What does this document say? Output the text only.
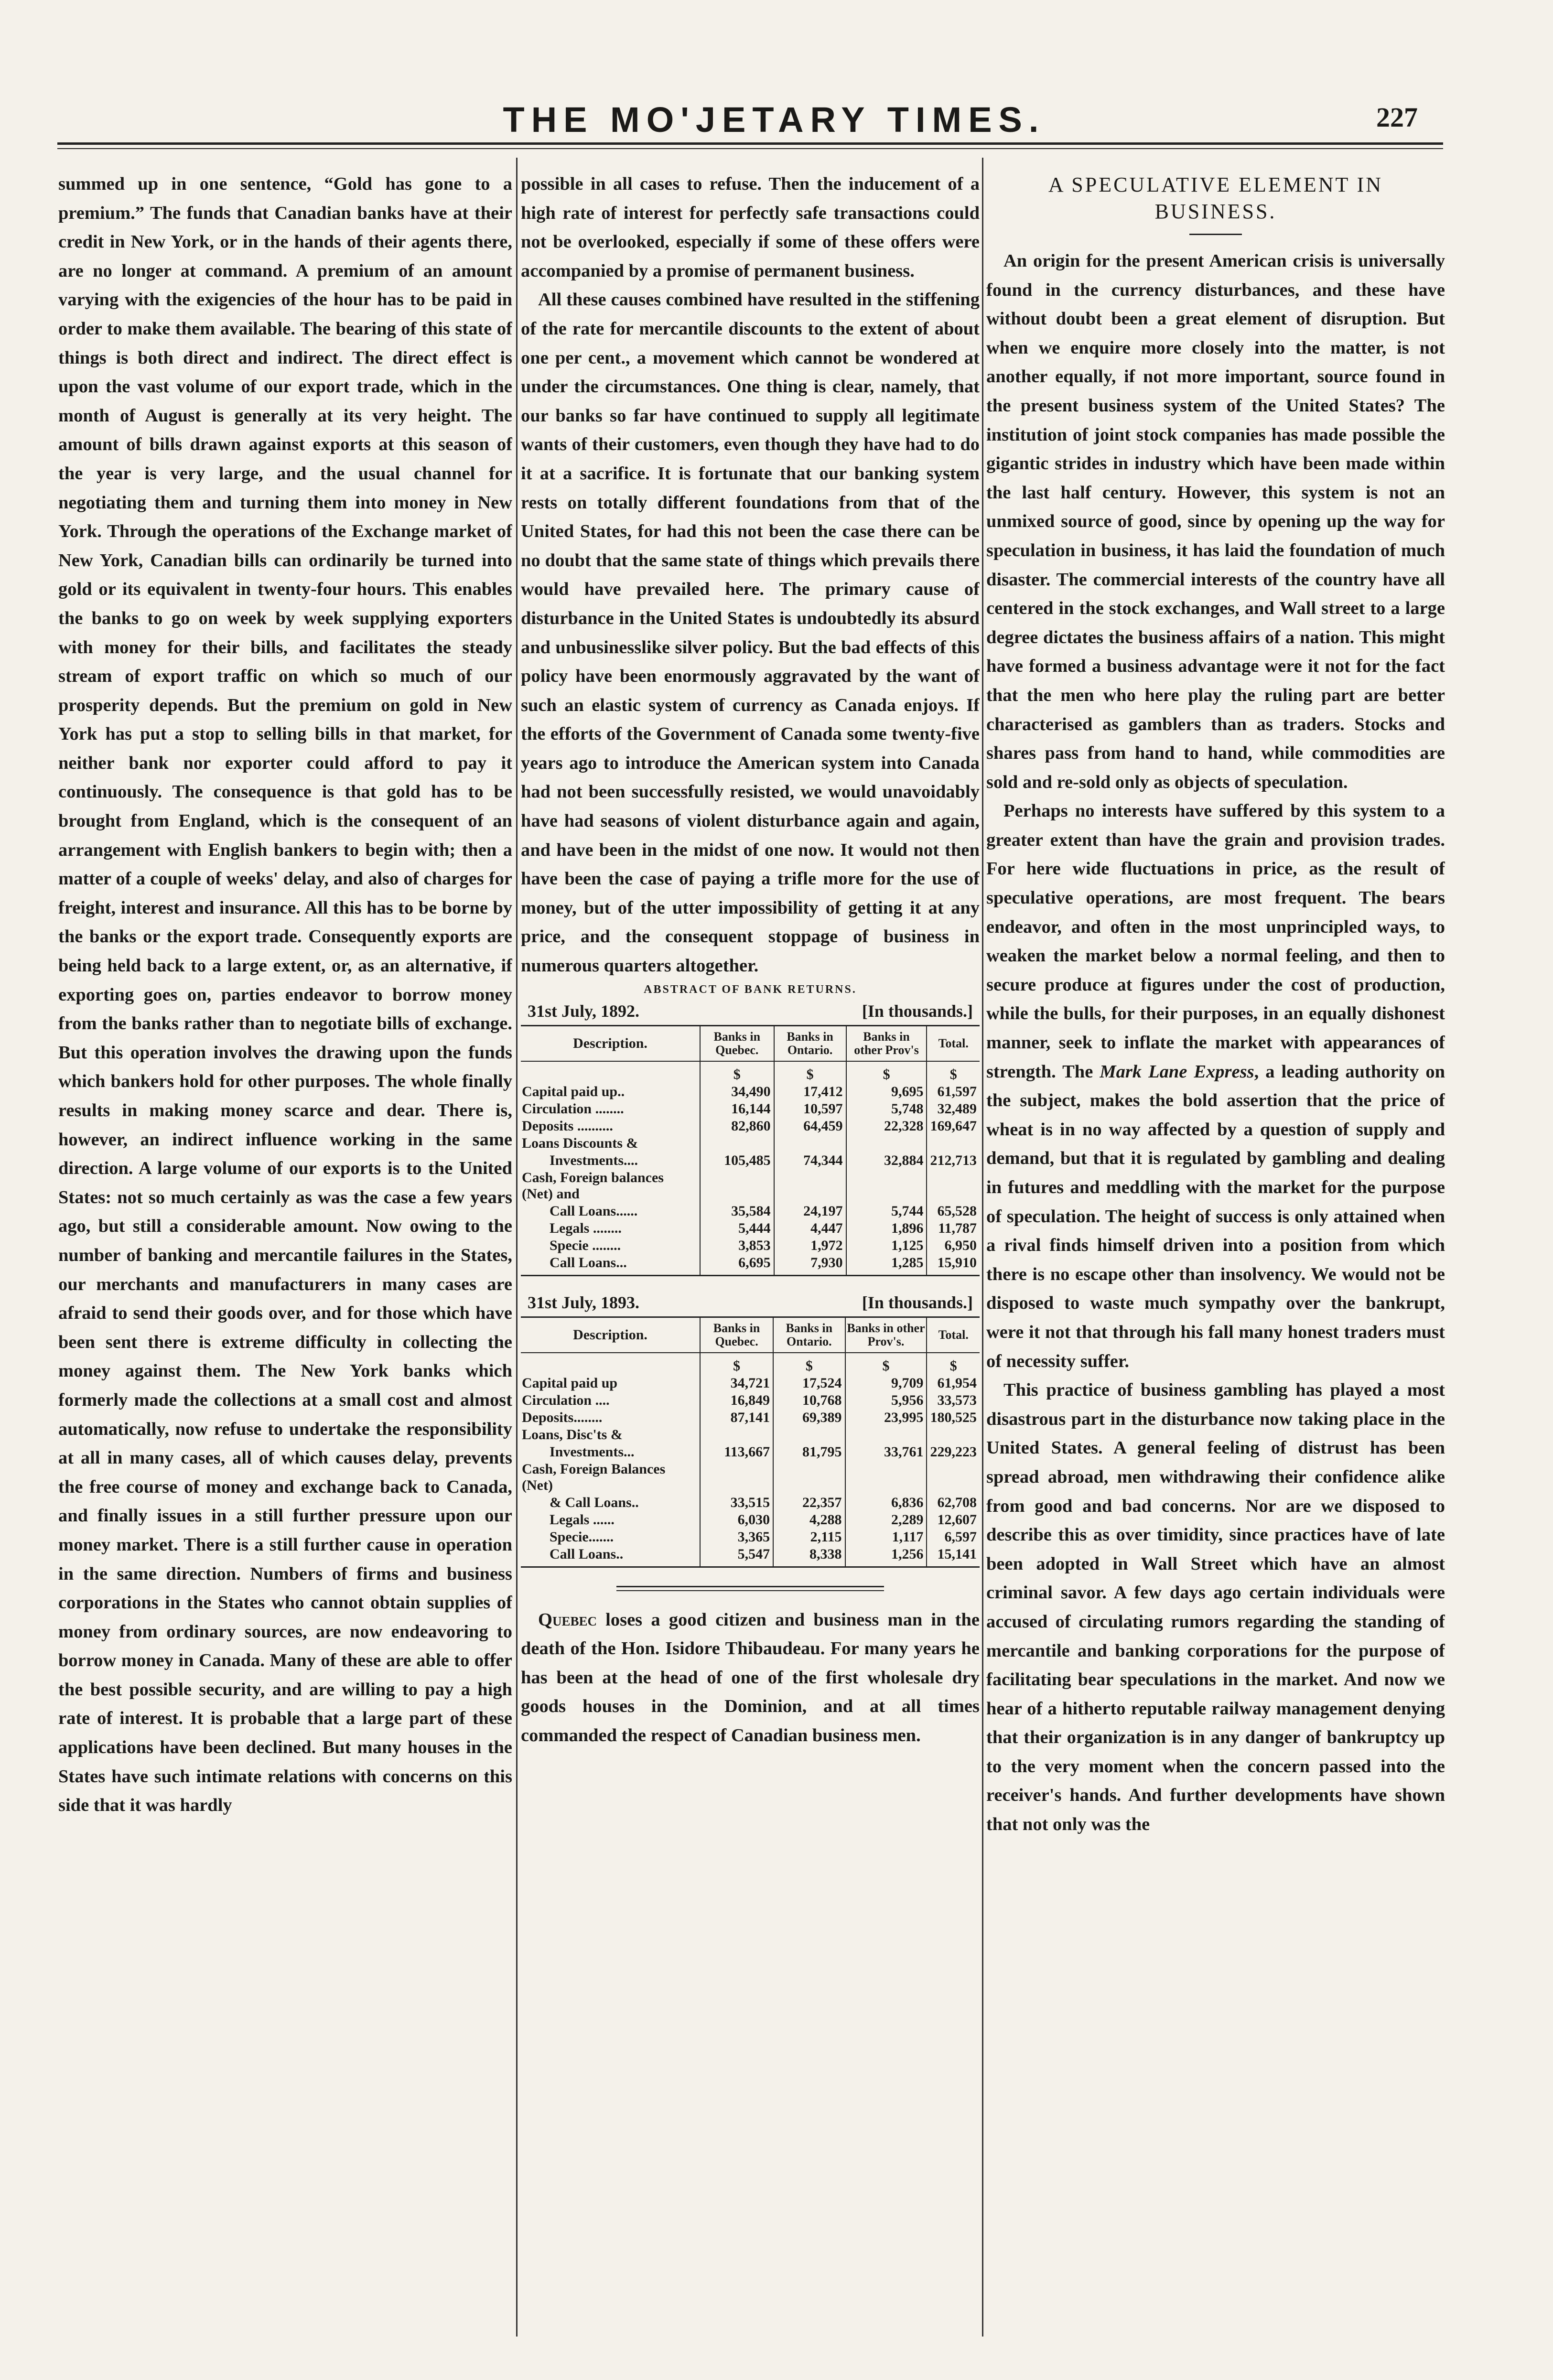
THE MO'JETARY TIMES.	227

summed up in one sentence, “Gold has gone to a premium.” The funds that Canadian banks have at their credit in New York, or in the hands of their agents there, are no longer at command. A premium of an amount varying with the exigencies of the hour has to be paid in order to make them available. The bearing of this state of things is both direct and indirect. The direct effect is upon the vast volume of our export trade, which in the month of August is generally at its very height. The amount of bills drawn against exports at this season of the year is very large, and the usual channel for negotiating them and turning them into money in New York. Through the operations of the Exchange market of New York, Canadian bills can ordinarily be turned into gold or its equivalent in twenty-four hours. This enables the banks to go on week by week supplying exporters with money for their bills, and facilitates the steady stream of export traffic on which so much of our prosperity depends. But the premium on gold in New York has put a stop to selling bills in that market, for neither bank nor exporter could afford to pay it continuously. The consequence is that gold has to be brought from England, which is the consequent of an arrangement with English bankers to begin with; then a matter of a couple of weeks' delay, and also of charges for freight, interest and insurance. All this has to be borne by the banks or the export trade. Consequently exports are being held back to a large extent, or, as an alternative, if exporting goes on, parties endeavor to borrow money from the banks rather than to negotiate bills of exchange. But this operation involves the drawing upon the funds which bankers hold for other purposes. The whole finally results in making money scarce and dear. There is, however, an indirect influence working in the same direction. A large volume of our exports is to the United States: not so much certainly as was the case a few years ago, but still a considerable amount. Now owing to the number of banking and mercantile failures in the States, our merchants and manufacturers in many cases are afraid to send their goods over, and for those which have been sent there is extreme difficulty in collecting the money against them. The New York banks which formerly made the collections at a small cost and almost automatically, now refuse to undertake the responsibility at all in many cases, all of which causes delay, prevents the free course of money and exchange back to Canada, and finally issues in a still further pressure upon our money market. There is a still further cause in operation in the same direction. Numbers of firms and business corporations in the States who cannot obtain supplies of money from ordinary sources, are now endeavoring to borrow money in Canada. Many of these are able to offer the best possible security, and are willing to pay a high rate of interest. It is probable that a large part of these applications have been declined. But many houses in the States have such intimate relations with concerns on this side that it was hardly

possible in all cases to refuse. Then the inducement of a high rate of interest for perfectly safe transactions could not be overlooked, especially if some of these offers were accompanied by a promise of permanent business.

All these causes combined have resulted in the stiffening of the rate for mercantile discounts to the extent of about one per cent., a movement which cannot be wondered at under the circumstances. One thing is clear, namely, that our banks so far have continued to supply all legitimate wants of their customers, even though they have had to do it at a sacrifice. It is fortunate that our banking system rests on totally different foundations from that of the United States, for had this not been the case there can be no doubt that the same state of things which prevails there would have prevailed here. The primary cause of disturbance in the United States is undoubtedly its absurd and unbusinesslike silver policy. But the bad effects of this policy have been enormously aggravated by the want of such an elastic system of currency as Canada enjoys. If the efforts of the Government of Canada some twenty-five years ago to introduce the American system into Canada had not been successfully resisted, we would unavoidably have had seasons of violent disturbance again and again, and have been in the midst of one now. It would not then have been the case of paying a trifle more for the use of money, but of the utter impossibility of getting it at any price, and the consequent stoppage of business in numerous quarters altogether.

ABSTRACT OF BANK RETURNS.
31st July, 1892.	[In thousands.]
Description.	Banks in Quebec.	Banks in Ontario.	Banks in other Prov's	Total.
	$	$	$	$
Capital paid up..	34,490	17,412	9,695	61,597
Circulation ........	16,144	10,597	5,748	32,489
Deposits ..........	82,860	64,459	22,328	169,647
Loans Discounts &				
Investments....	105,485	74,344	32,884	212,713
Cash, Foreign balances (Net) and				
Call Loans......	35,584	24,197	5,744	65,528
Legals ........	5,444	4,447	1,896	11,787
Specie ........	3,853	1,972	1,125	6,950
Call Loans...	6,695	7,930	1,285	15,910
31st July, 1893.	[In thousands.]
Description.	Banks in Quebec.	Banks in Ontario.	Banks in other Prov's.	Total.
	$	$	$	$
Capital paid up	34,721	17,524	9,709	61,954
Circulation ....	16,849	10,768	5,956	33,573
Deposits........	87,141	69,389	23,995	180,525
Loans, Disc'ts &				
Investments...	113,667	81,795	33,761	229,223
Cash, Foreign Balances (Net)				
& Call Loans..	33,515	22,357	6,836	62,708
Legals ......	6,030	4,288	2,289	12,607
Specie.......	3,365	2,115	1,117	6,597
Call Loans..	5,547	8,338	1,256	15,141

Quebec loses a good citizen and business man in the death of the Hon. Isidore Thibaudeau. For many years he has been at the head of one of the first wholesale dry goods houses in the Dominion, and at all times commanded the respect of Canadian business men.

A SPECULATIVE ELEMENT IN BUSINESS.

An origin for the present American crisis is universally found in the currency disturbances, and these have without doubt been a great element of disruption. But when we enquire more closely into the matter, is not another equally, if not more important, source found in the present business system of the United States? The institution of joint stock companies has made possible the gigantic strides in industry which have been made within the last half century. However, this system is not an unmixed source of good, since by opening up the way for speculation in business, it has laid the foundation of much disaster. The commercial interests of the country have all centered in the stock exchanges, and Wall street to a large degree dictates the business affairs of a nation. This might have formed a business advantage were it not for the fact that the men who here play the ruling part are better characterised as gamblers than as traders. Stocks and shares pass from hand to hand, while commodities are sold and re-sold only as objects of speculation.

Perhaps no interests have suffered by this system to a greater extent than have the grain and provision trades. For here wide fluctuations in price, as the result of speculative operations, are most frequent. The bears endeavor, and often in the most unprincipled ways, to weaken the market below a normal feeling, and then to secure produce at figures under the cost of production, while the bulls, for their purposes, in an equally dishonest manner, seek to inflate the market with appearances of strength. The Mark Lane Express, a leading authority on the subject, makes the bold assertion that the price of wheat is in no way affected by a question of supply and demand, but that it is regulated by gambling and dealing in futures and meddling with the market for the purpose of speculation. The height of success is only attained when a rival finds himself driven into a position from which there is no escape other than insolvency. We would not be disposed to waste much sympathy over the bankrupt, were it not that through his fall many honest traders must of necessity suffer.

This practice of business gambling has played a most disastrous part in the disturbance now taking place in the United States. A general feeling of distrust has been spread abroad, men withdrawing their confidence alike from good and bad concerns. Nor are we disposed to describe this as over timidity, since practices have of late been adopted in Wall Street which have an almost criminal savor. A few days ago certain individuals were accused of circulating rumors regarding the standing of mercantile and banking corporations for the purpose of facilitating bear speculations in the market. And now we hear of a hitherto reputable railway management denying that their organization is in any danger of bankruptcy up to the very moment when the concern passed into the receiver's hands. And further developments have shown that not only was the
